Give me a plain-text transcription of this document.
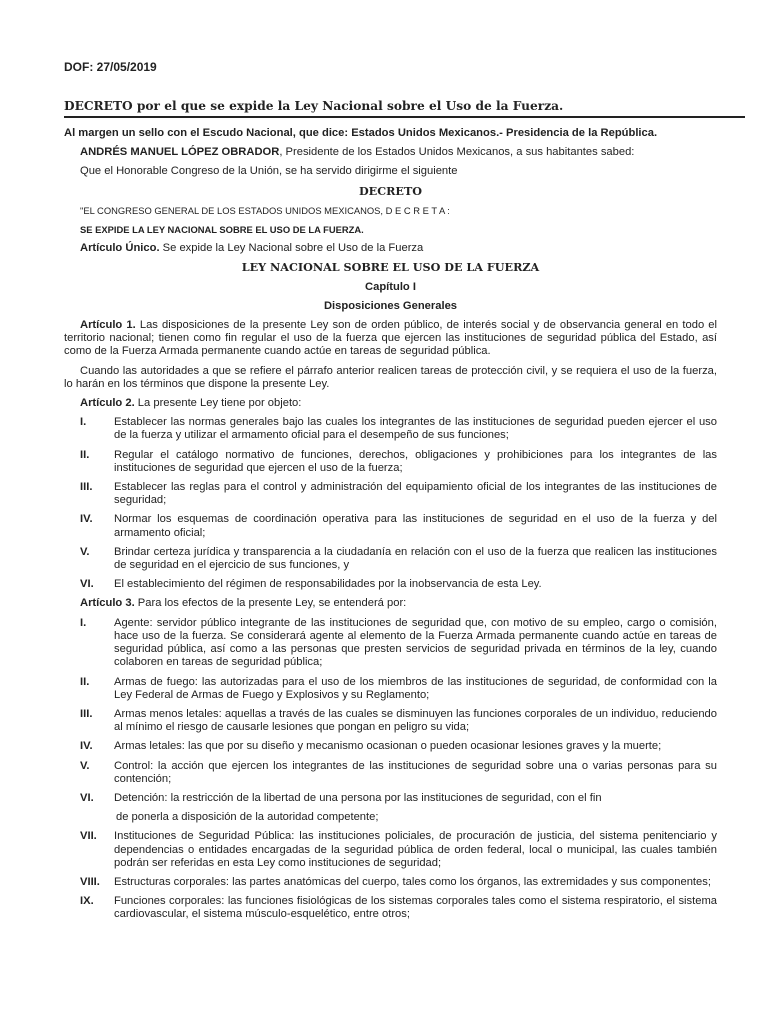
DOF: 27/05/2019
DECRETO por el que se expide la Ley Nacional sobre el Uso de la Fuerza.

Al margen un sello con el Escudo Nacional, que dice: Estados Unidos Mexicanos.- Presidencia de la República.

ANDRÉS MANUEL LÓPEZ OBRADOR, Presidente de los Estados Unidos Mexicanos, a sus habitantes sabed:

Que el Honorable Congreso de la Unión, se ha servido dirigirme el siguiente

DECRETO

"EL CONGRESO GENERAL DE LOS ESTADOS UNIDOS MEXICANOS, D E C R E T A :

SE EXPIDE LA LEY NACIONAL SOBRE EL USO DE LA FUERZA.

Artículo Único. Se expide la Ley Nacional sobre el Uso de la Fuerza

LEY NACIONAL SOBRE EL USO DE LA FUERZA

Capítulo I

Disposiciones Generales

Artículo 1. Las disposiciones de la presente Ley son de orden público, de interés social y de observancia general en todo el territorio nacional; tienen como fin regular el uso de la fuerza que ejercen las instituciones de seguridad pública del Estado, así como de la Fuerza Armada permanente cuando actúe en tareas de seguridad pública.

Cuando las autoridades a que se refiere el párrafo anterior realicen tareas de protección civil, y se requiera el uso de la fuerza, lo harán en los términos que dispone la presente Ley.

Artículo 2. La presente Ley tiene por objeto:

I.	Establecer las normas generales bajo las cuales los integrantes de las instituciones de seguridad pueden ejercer el uso de la fuerza y utilizar el armamento oficial para el desempeño de sus funciones;
II.	Regular el catálogo normativo de funciones, derechos, obligaciones y prohibiciones para los integrantes de las instituciones de seguridad que ejercen el uso de la fuerza;
III.	Establecer las reglas para el control y administración del equipamiento oficial de los integrantes de las instituciones de seguridad;
IV.	Normar los esquemas de coordinación operativa para las instituciones de seguridad en el uso de la fuerza y del armamento oficial;
V.	Brindar certeza jurídica y transparencia a la ciudadanía en relación con el uso de la fuerza que realicen las instituciones de seguridad en el ejercicio de sus funciones, y
VI.	El establecimiento del régimen de responsabilidades por la inobservancia de esta Ley.

Artículo 3. Para los efectos de la presente Ley, se entenderá por:

I.	Agente: servidor público integrante de las instituciones de seguridad que, con motivo de su empleo, cargo o comisión, hace uso de la fuerza. Se considerará agente al elemento de la Fuerza Armada permanente cuando actúe en tareas de seguridad pública, así como a las personas que presten servicios de seguridad privada en términos de la ley, cuando colaboren en tareas de seguridad pública;
II.	Armas de fuego: las autorizadas para el uso de los miembros de las instituciones de seguridad, de conformidad con la Ley Federal de Armas de Fuego y Explosivos y su Reglamento;
III.	Armas menos letales: aquellas a través de las cuales se disminuyen las funciones corporales de un individuo, reduciendo al mínimo el riesgo de causarle lesiones que pongan en peligro su vida;
IV.	Armas letales: las que por su diseño y mecanismo ocasionan o pueden ocasionar lesiones graves y la muerte;
V.	Control: la acción que ejercen los integrantes de las instituciones de seguridad sobre una o varias personas para su contención;
VI.	Detención: la restricción de la libertad de una persona por las instituciones de seguridad, con el fin
de ponerla a disposición de la autoridad competente;
VII.	Instituciones de Seguridad Pública: las instituciones policiales, de procuración de justicia, del sistema penitenciario y dependencias o entidades encargadas de la seguridad pública de orden federal, local o municipal, las cuales también podrán ser referidas en esta Ley como instituciones de seguridad;
VIII.	Estructuras corporales: las partes anatómicas del cuerpo, tales como los órganos, las extremidades y sus componentes;
IX.	Funciones corporales: las funciones fisiológicas de los sistemas corporales tales como el sistema respiratorio, el sistema cardiovascular, el sistema músculo-esquelético, entre otros;
